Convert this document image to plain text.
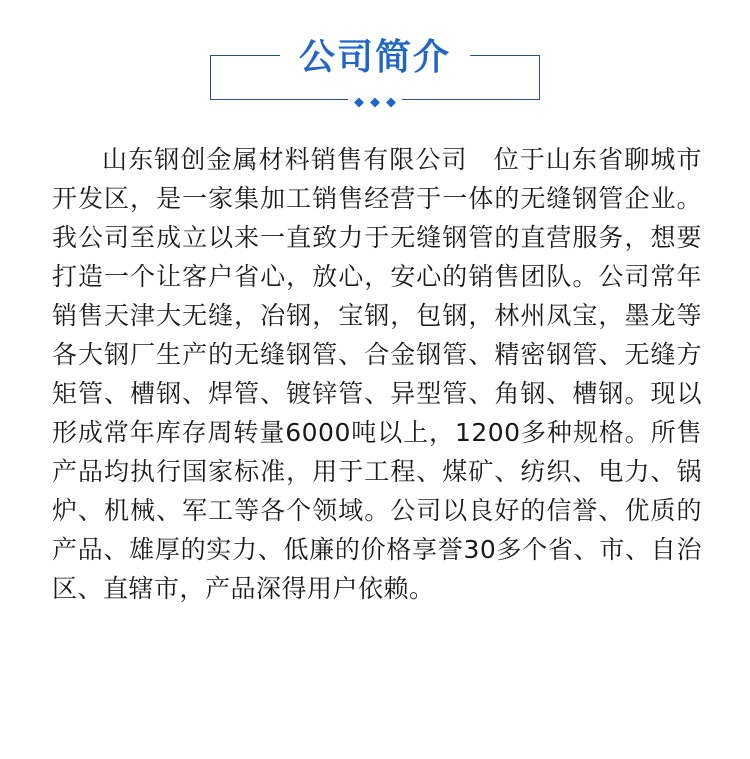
公司简介

山东钢创金属材料销售有限公司　位于山东省聊城市开发区，是一家集加工销售经营于一体的无缝钢管企业。我公司至成立以来一直致力于无缝钢管的直营服务，想要打造一个让客户省心，放心，安心的销售团队。公司常年销售天津大无缝，冶钢，宝钢，包钢，林州凤宝，墨龙等各大钢厂生产的无缝钢管、合金钢管、精密钢管、无缝方矩管、槽钢、焊管、镀锌管、异型管、角钢、槽钢。现以形成常年库存周转量6000吨以上，1200多种规格。所售产品均执行国家标准，用于工程、煤矿、纺织、电力、锅炉、机械、军工等各个领域。公司以良好的信誉、优质的产品、雄厚的实力、低廉的价格享誉30多个省、市、自治区、直辖市，产品深得用户依赖。
